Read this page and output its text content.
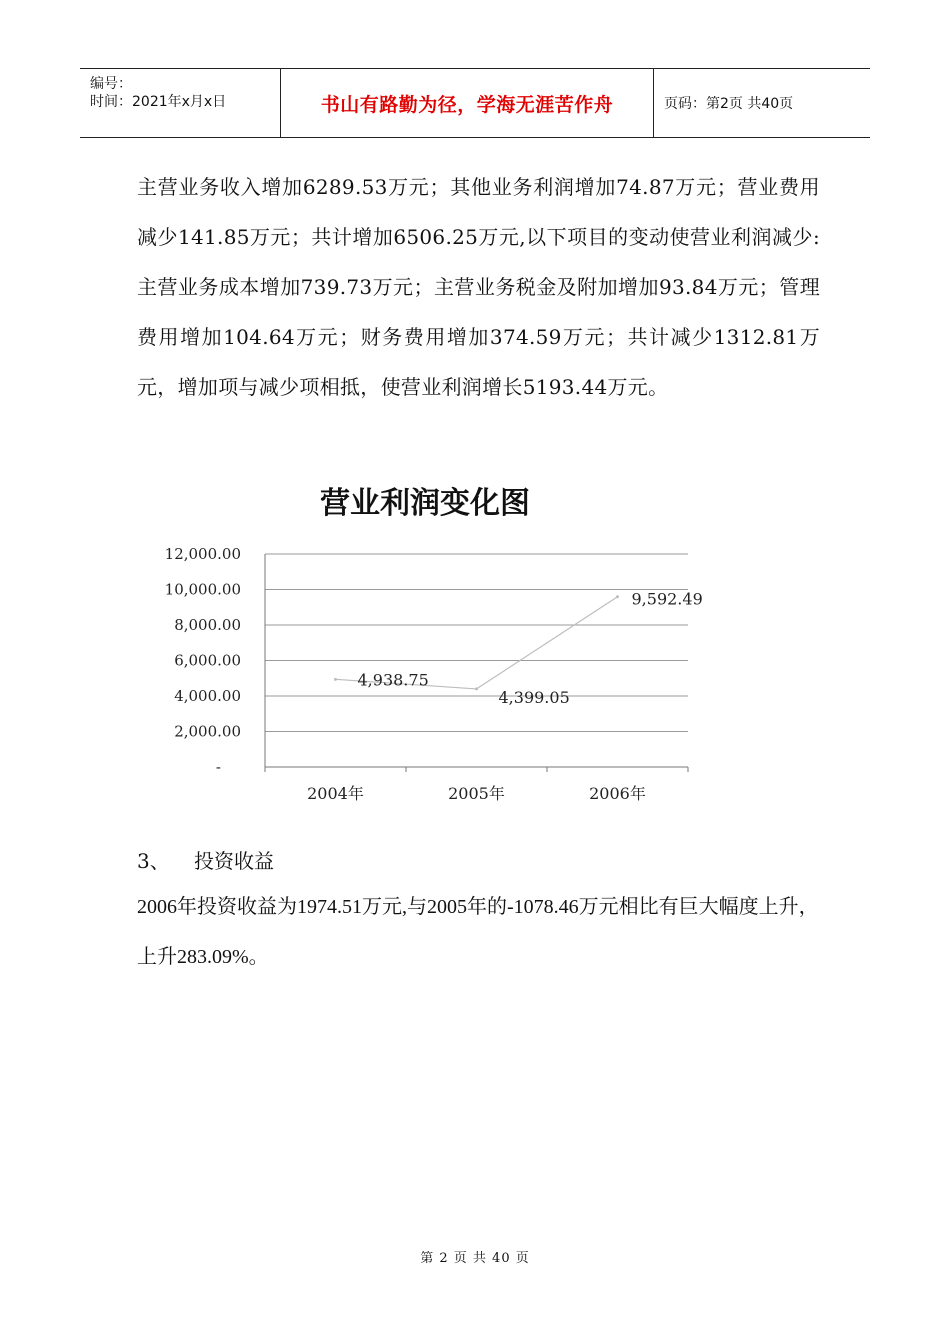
编号：
时间：2021年x月x日	书山有路勤为径，学海无涯苦作舟	页码：第2页 共40页
主营业务收入增加6289.53万元；其他业务利润增加74.87万元；营业费用减少141.85万元；共计增加6506.25万元,以下项目的变动使营业利润减少:主营业务成本增加739.73万元；主营业务税金及附加增加93.84万元；管理费用增加104.64万元；财务费用增加374.59万元；共计减少1312.81万元，增加项与减少项相抵，使营业利润增长5193.44万元。
营业利润变化图
12,000.00
10,000.00
8,000.00
6,000.00
4,000.00
2,000.00
-
2004年	2005年	2006年
4,938.75
4,399.05
9,592.49
3、 投资收益
2006年投资收益为1974.51万元,与2005年的-1078.46万元相比有巨大幅度上升，上升283.09%。
第 2 页 共 40 页
